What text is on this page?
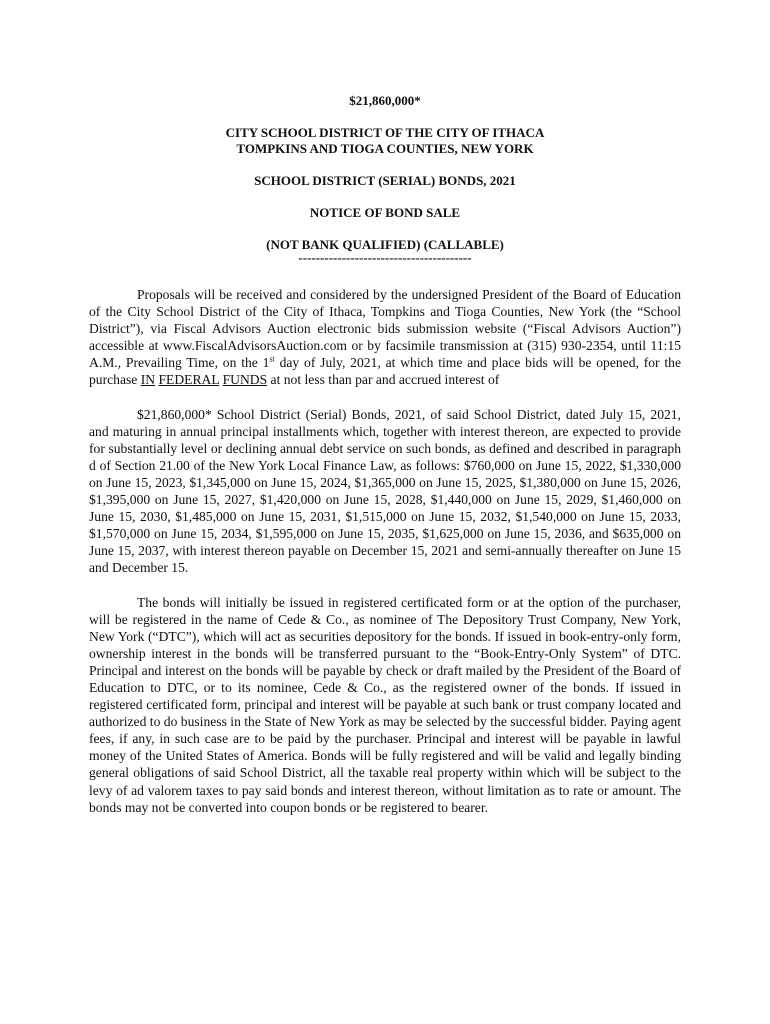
$21,860,000*
CITY SCHOOL DISTRICT OF THE CITY OF ITHACA
TOMPKINS AND TIOGA COUNTIES, NEW YORK
SCHOOL DISTRICT (SERIAL) BONDS, 2021
NOTICE OF BOND SALE
(NOT BANK QUALIFIED) (CALLABLE)
----------------------------------------

Proposals will be received and considered by the undersigned President of the Board of Education of the City School District of the City of Ithaca, Tompkins and Tioga Counties, New York (the “School District”), via Fiscal Advisors Auction electronic bids submission website (“Fiscal Advisors Auction”) accessible at www.FiscalAdvisorsAuction.com or by facsimile transmission at (315) 930-2354, until 11:15 A.M., Prevailing Time, on the 1st day of July, 2021, at which time and place bids will be opened, for the purchase IN FEDERAL FUNDS at not less than par and accrued interest of

$21,860,000* School District (Serial) Bonds, 2021, of said School District, dated July 15, 2021, and maturing in annual principal installments which, together with interest thereon, are expected to provide for substantially level or declining annual debt service on such bonds, as defined and described in paragraph d of Section 21.00 of the New York Local Finance Law, as follows: $760,000 on June 15, 2022, $1,330,000 on June 15, 2023, $1,345,000 on June 15, 2024, $1,365,000 on June 15, 2025, $1,380,000 on June 15, 2026, $1,395,000 on June 15, 2027, $1,420,000 on June 15, 2028, $1,440,000 on June 15, 2029, $1,460,000 on June 15, 2030, $1,485,000 on June 15, 2031, $1,515,000 on June 15, 2032, $1,540,000 on June 15, 2033, $1,570,000 on June 15, 2034, $1,595,000 on June 15, 2035, $1,625,000 on June 15, 2036, and $635,000 on June 15, 2037, with interest thereon payable on December 15, 2021 and semi-annually thereafter on June 15 and December 15.

The bonds will initially be issued in registered certificated form or at the option of the purchaser, will be registered in the name of Cede & Co., as nominee of The Depository Trust Company, New York, New York (“DTC”), which will act as securities depository for the bonds. If issued in book-entry-only form, ownership interest in the bonds will be transferred pursuant to the “Book-Entry-Only System” of DTC. Principal and interest on the bonds will be payable by check or draft mailed by the President of the Board of Education to DTC, or to its nominee, Cede & Co., as the registered owner of the bonds. If issued in registered certificated form, principal and interest will be payable at such bank or trust company located and authorized to do business in the State of New York as may be selected by the successful bidder. Paying agent fees, if any, in such case are to be paid by the purchaser. Principal and interest will be payable in lawful money of the United States of America. Bonds will be fully registered and will be valid and legally binding general obligations of said School District, all the taxable real property within which will be subject to the levy of ad valorem taxes to pay said bonds and interest thereon, without limitation as to rate or amount. The bonds may not be converted into coupon bonds or be registered to bearer.
